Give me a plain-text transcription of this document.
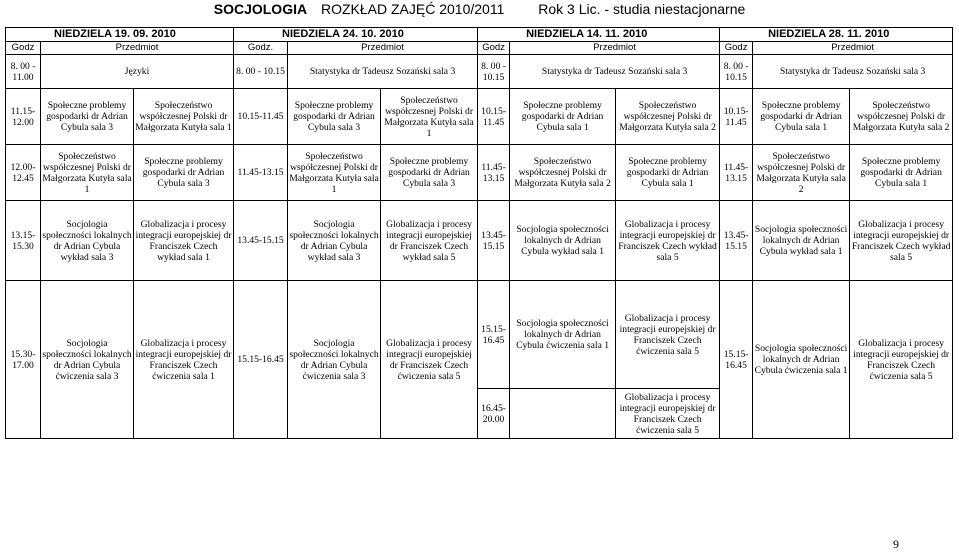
SOCJOLOGIA ROZKŁAD ZAJĘĆ 2010/2011 Rok 3 Lic. - studia niestacjonarne
NIEDZIELA 19. 09. 2010			NIEDZIELA 24. 10. 2010			NIEDZIELA 14. 11. 2010			NIEDZIELA 28. 11. 2010		
Godz	Przedmiot		Godz.	Przedmiot		Godz	Przedmiot		Godz	Przedmiot	
8. 00 - 11.00	Języki		8. 00 - 10.15	Statystyka dr Tadeusz Sozański sala 3		8. 00 - 10.15	Statystyka dr Tadeusz Sozański sala 3		8. 00 - 10.15	Statystyka dr Tadeusz Sozański sala 3	
11.15- 12.00	Społeczne problemy gospodarki dr Adrian Cybula sala 3	Społeczeństwo współczesnej Polski dr Małgorzata Kutyła sala 1	10.15-11.45	Społeczne problemy gospodarki dr Adrian Cybula sala 3	Społeczeństwo współczesnej Polski dr Małgorzata Kutyła sala 1	10.15- 11.45	Społeczne problemy gospodarki dr Adrian Cybula sala 1	Społeczeństwo współczesnej Polski dr Małgorzata Kutyła sala 2	10.15- 11.45	Społeczne problemy gospodarki dr Adrian Cybula sala 1	Społeczeństwo współczesnej Polski dr Małgorzata Kutyła sala 2
12.00- 12.45	Społeczeństwo współczesnej Polski dr Małgorzata Kutyła sala 1	Społeczne problemy gospodarki dr Adrian Cybula sala 3	11.45-13.15	Społeczeństwo współczesnej Polski dr Małgorzata Kutyła sala 1	Społeczne problemy gospodarki dr Adrian Cybula sala 3	11.45- 13.15	Społeczeństwo współczesnej Polski dr Małgorzata Kutyła sala 2	Społeczne problemy gospodarki dr Adrian Cybula sala 1	11.45- 13.15	Społeczeństwo współczesnej Polski dr Małgorzata Kutyła sala 2	Społeczne problemy gospodarki dr Adrian Cybula sala 1
13.15- 15.30	Socjologia społeczności lokalnych dr Adrian Cybula wykład sala 3	Globalizacja i procesy integracji europejskiej dr Franciszek Czech wykład sala 1	13.45-15.15	Socjologia społeczności lokalnych dr Adrian Cybula wykład sala 3	Globalizacja i procesy integracji europejskiej dr Franciszek Czech wykład sala 5	13.45- 15.15	Socjologia społeczności lokalnych dr Adrian Cybula wykład sala 1	Globalizacja i procesy integracji europejskiej dr Franciszek Czech wykład sala 5	13.45- 15.15	Socjologia społeczności lokalnych dr Adrian Cybula wykład sala 1	Globalizacja i procesy integracji europejskiej dr Franciszek Czech wykład sala 5
15.30- 17.00	Socjologia społeczności lokalnych dr Adrian Cybula ćwiczenia sala 3	Globalizacja i procesy integracji europejskiej dr Franciszek Czech ćwiczenia sala 1	15.15-16.45	Socjologia społeczności lokalnych dr Adrian Cybula ćwiczenia sala 3	Globalizacja i procesy integracji europejskiej dr Franciszek Czech ćwiczenia sala 5	15.15- 16.45	Socjologia społeczności lokalnych dr Adrian Cybula ćwiczenia sala 1	Globalizacja i procesy integracji europejskiej dr Franciszek Czech ćwiczenia sala 5	15.15- 16.45	Socjologia społeczności lokalnych dr Adrian Cybula ćwiczenia sala 1	Globalizacja i procesy integracji europejskiej dr Franciszek Czech ćwiczenia sala 5
						16.45- 20.00		Globalizacja i procesy integracji europejskiej dr Franciszek Czech ćwiczenia sala 5			
9
